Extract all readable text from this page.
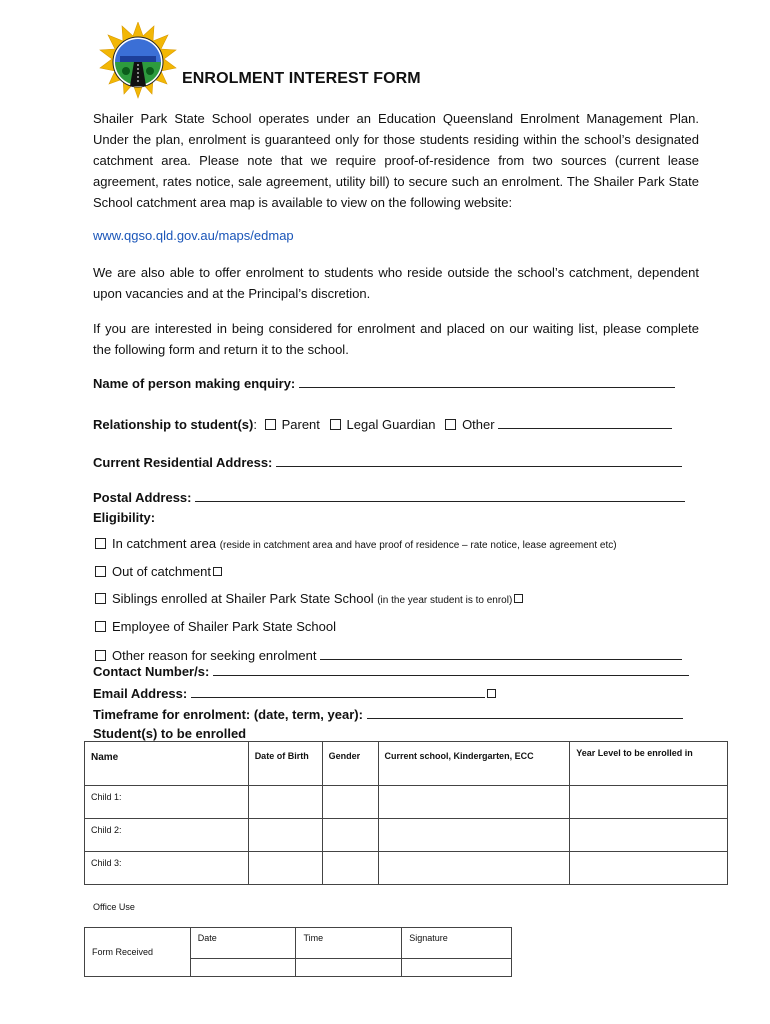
ENROLMENT INTEREST FORM

Shailer Park State School operates under an Education Queensland Enrolment Management Plan. Under the plan, enrolment is guaranteed only for those students residing within the school’s designated catchment area. Please note that we require proof-of-residence from two sources (current lease agreement, rates notice, sale agreement, utility bill) to secure such an enrolment. The Shailer Park State School catchment area map is available to view on the following website:

www.qgso.qld.gov.au/maps/edmap

We are also able to offer enrolment to students who reside outside the school’s catchment, dependent upon vacancies and at the Principal’s discretion.

If you are interested in being considered for enrolment and placed on our waiting list, please complete the following form and return it to the school.

Name of person making enquiry:
Relationship to student(s): Parent Legal Guardian Other
Current Residential Address:
Postal Address:
Eligibility:
In catchment area (reside in catchment area and have proof of residence – rate notice, lease agreement etc)
Out of catchment
Siblings enrolled at Shailer Park State School (in the year student is to enrol)
Employee of Shailer Park State School
Other reason for seeking enrolment
Contact Number/s:
Email Address:
Timeframe for enrolment: (date, term, year):
Student(s) to be enrolled
Name	Date of Birth	Gender	Current school, Kindergarten, ECC	Year Level to be enrolled in
Child 1:				
Child 2:				
Child 3:				
Office Use
Form Received	Date	Time	Signature
